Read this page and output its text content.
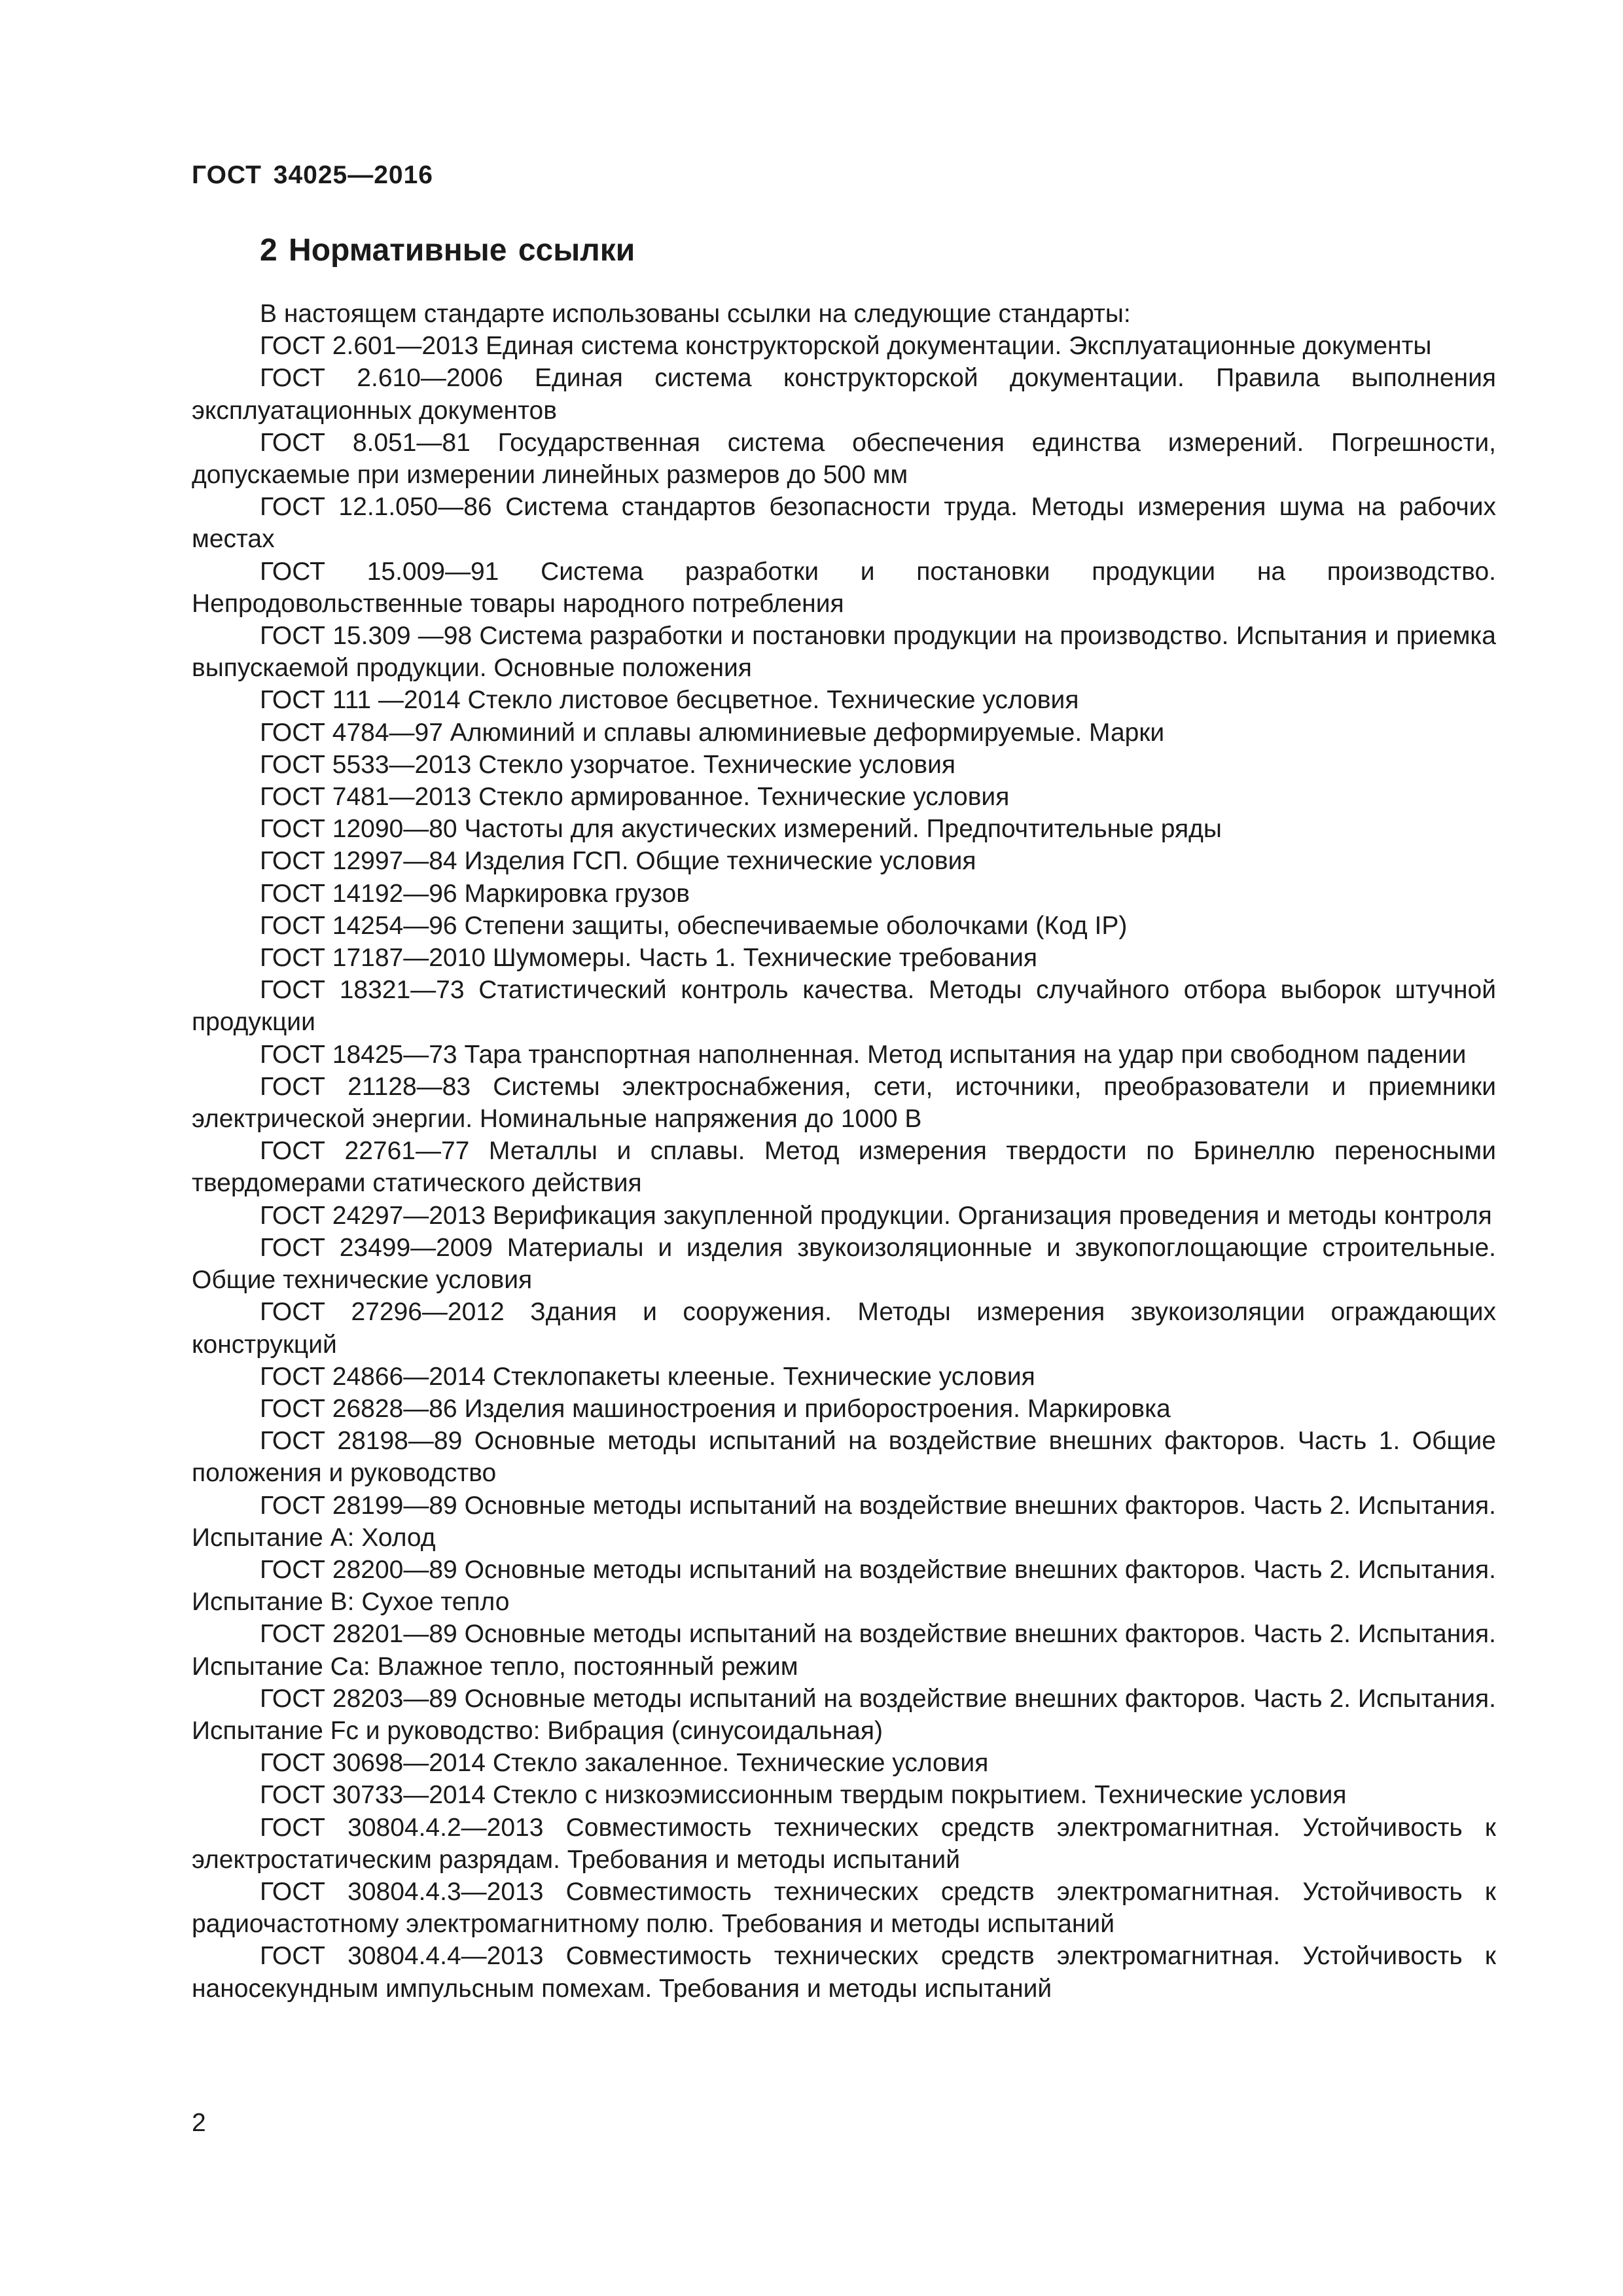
ГОСТ 34025—2016
2 Нормативные ссылки

В настоящем стандарте использованы ссылки на следующие стандарты:

ГОСТ 2.601—2013 Единая система конструкторской документации. Эксплуатационные документы

ГОСТ 2.610—2006 Единая система конструкторской документации. Правила выполнения эксплуатационных документов

ГОСТ 8.051—81 Государственная система обеспечения единства измерений. Погрешности, допускаемые при измерении линейных размеров до 500 мм

ГОСТ 12.1.050—86 Система стандартов безопасности труда. Методы измерения шума на рабочих местах

ГОСТ 15.009—91 Система разработки и постановки продукции на производство. Непродовольственные товары народного потребления

ГОСТ 15.309 —98 Система разработки и постановки продукции на производство. Испытания и приемка выпускаемой продукции. Основные положения

ГОСТ 111 —2014 Стекло листовое бесцветное. Технические условия

ГОСТ 4784—97 Алюминий и сплавы алюминиевые деформируемые. Марки

ГОСТ 5533—2013 Стекло узорчатое. Технические условия

ГОСТ 7481—2013 Стекло армированное. Технические условия

ГОСТ 12090—80 Частоты для акустических измерений. Предпочтительные ряды

ГОСТ 12997—84 Изделия ГСП. Общие технические условия

ГОСТ 14192—96 Маркировка грузов

ГОСТ 14254—96 Степени защиты, обеспечиваемые оболочками (Код IP)

ГОСТ 17187—2010 Шумомеры. Часть 1. Технические требования

ГОСТ 18321—73 Статистический контроль качества. Методы случайного отбора выборок штучной продукции

ГОСТ 18425—73 Тара транспортная наполненная. Метод испытания на удар при свободном падении

ГОСТ 21128—83 Системы электроснабжения, сети, источники, преобразователи и приемники электрической энергии. Номинальные напряжения до 1000 В

ГОСТ 22761—77 Металлы и сплавы. Метод измерения твердости по Бринеллю переносными твердомерами статического действия

ГОСТ 24297—2013 Верификация закупленной продукции. Организация проведения и методы контроля

ГОСТ 23499—2009 Материалы и изделия звукоизоляционные и звукопоглощающие строительные. Общие технические условия

ГОСТ 27296—2012 Здания и сооружения. Методы измерения звукоизоляции ограждающих конструкций

ГОСТ 24866—2014 Стеклопакеты клееные. Технические условия

ГОСТ 26828—86 Изделия машиностроения и приборостроения. Маркировка

ГОСТ 28198—89 Основные методы испытаний на воздействие внешних факторов. Часть 1. Общие положения и руководство

ГОСТ 28199—89 Основные методы испытаний на воздействие внешних факторов. Часть 2. Испытания. Испытание А: Холод

ГОСТ 28200—89 Основные методы испытаний на воздействие внешних факторов. Часть 2. Испытания. Испытание В: Сухое тепло

ГОСТ 28201—89 Основные методы испытаний на воздействие внешних факторов. Часть 2. Испытания. Испытание Са: Влажное тепло, постоянный режим

ГОСТ 28203—89 Основные методы испытаний на воздействие внешних факторов. Часть 2. Испытания. Испытание Fc и руководство: Вибрация (синусоидальная)

ГОСТ 30698—2014 Стекло закаленное. Технические условия

ГОСТ 30733—2014 Стекло с низкоэмиссионным твердым покрытием. Технические условия

ГОСТ 30804.4.2—2013 Совместимость технических средств электромагнитная. Устойчивость к электростатическим разрядам. Требования и методы испытаний

ГОСТ 30804.4.3—2013 Совместимость технических средств электромагнитная. Устойчивость к радиочастотному электромагнитному полю. Требования и методы испытаний

ГОСТ 30804.4.4—2013 Совместимость технических средств электромагнитная. Устойчивость к наносекундным импульсным помехам. Требования и методы испытаний

2
